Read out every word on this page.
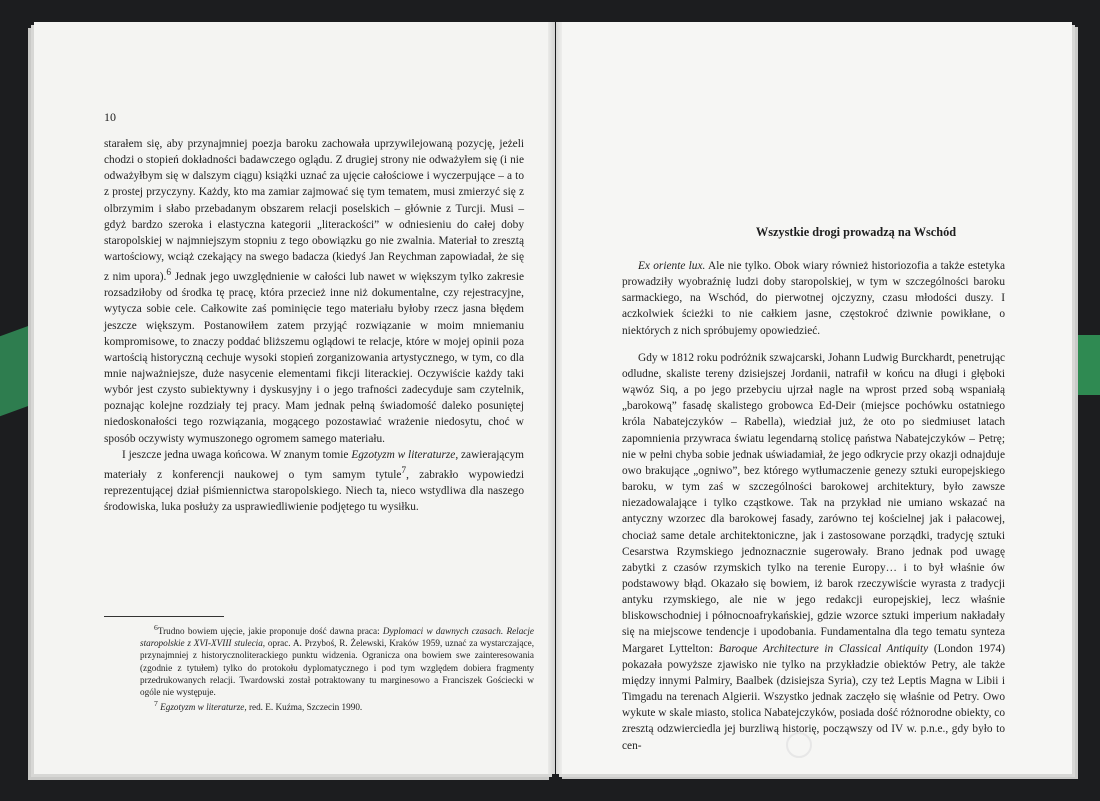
10

starałem się, aby przynajmniej poezja baroku zachowała uprzywilejowaną pozycję, jeżeli chodzi o stopień dokładności badawczego oglądu. Z drugiej strony nie odważyłem się (i nie odważyłbym się w dalszym ciągu) książki uznać za ujęcie całościowe i wyczerpujące – a to z prostej przyczyny. Każdy, kto ma zamiar zajmować się tym tematem, musi zmierzyć się z olbrzymim i słabo przebadanym obszarem relacji poselskich – głównie z Turcji. Musi – gdyż bardzo szeroka i elastyczna kategorii „literackości” w odniesieniu do całej doby staropolskiej w najmniejszym stopniu z tego obowiązku go nie zwalnia. Materiał to zresztą wartościowy, wciąż czekający na swego badacza (kiedyś Jan Reychman zapowiadał, że się z nim upora).$^6$ Jednak jego uwzględnienie w całości lub nawet w większym tylko zakresie rozsadziłoby od środka tę pracę, która przecież inne niż dokumentalne, czy rejestracyjne, wytycza sobie cele. Całkowite zaś pominięcie tego materiału byłoby rzecz jasna błędem jeszcze większym. Postanowiłem zatem przyjąć rozwiązanie w moim mniemaniu kompromisowe, to znaczy poddać bliższemu oglądowi te relacje, które w mojej opinii poza wartością historyczną cechuje wysoki stopień zorganizowania artystycznego, w tym, co dla mnie najważniejsze, duże nasycenie elementami fikcji literackiej. Oczywiście każdy taki wybór jest czysto subiektywny i dyskusyjny i o jego trafności zadecyduje sam czytelnik, poznając kolejne rozdziały tej pracy. Mam jednak pełną świadomość daleko posuniętej niedoskonałości tego rozwiązania, mogącego pozostawiać wrażenie niedosytu, choć w sposób oczywisty wymuszonego ogromem samego materiału.

I jeszcze jedna uwaga końcowa. W znanym tomie Egzotyzm w literaturze, zawierającym materiały z konferencji naukowej o tym samym tytule$^7$, zabrakło wypowiedzi reprezentującej dział piśmiennictwa staropolskiego. Niech ta, nieco wstydliwa dla naszego środowiska, luka posłuży za usprawiedliwienie podjętego tu wysiłku.

$^6$Trudno bowiem ujęcie, jakie proponuje dość dawna praca: Dyplomaci w dawnych czasach. Relacje staropolskie z XVI-XVIII stulecia, oprac. A. Przyboś, R. Żelewski, Kraków 1959, uznać za wystarczające, przynajmniej z historycznoliterackiego punktu widzenia. Ogranicza ona bowiem swe zainteresowania (zgodnie z tytułem) tylko do protokołu dyplomatycznego i pod tym względem dobiera fragmenty przedrukowanych relacji. Twardowski został potraktowany tu marginesowo a Franciszek Gościecki w ogóle nie występuje.

$^7$ Egzotyzm w literaturze, red. E. Kuźma, Szczecin 1990.

Wszystkie drogi prowadzą na Wschód

Ex oriente lux. Ale nie tylko. Obok wiary również historiozofia a także estetyka prowadziły wyobraźnię ludzi doby staropolskiej, w tym w szczególności baroku sarmackiego, na Wschód, do pierwotnej ojczyzny, czasu młodości duszy. I aczkolwiek ścieżki to nie całkiem jasne, częstokroć dziwnie powikłane, o niektórych z nich spróbujemy opowiedzieć.

Gdy w 1812 roku podróżnik szwajcarski, Johann Ludwig Burckhardt, penetrując odludne, skaliste tereny dzisiejszej Jordanii, natrafił w końcu na długi i głęboki wąwóz Siq, a po jego przebyciu ujrzał nagle na wprost przed sobą wspaniałą „barokową” fasadę skalistego grobowca Ed-Deir (miejsce pochówku ostatniego króla Nabatejczyków – Rabella), wiedział już, że oto po siedmiuset latach zapomnienia przywraca światu legendarną stolicę państwa Nabatejczyków – Petrę; nie w pełni chyba sobie jednak uświadamiał, że jego odkrycie przy okazji odnajduje owo brakujące „ogniwo”, bez którego wytłumaczenie genezy sztuki europejskiego baroku, w tym zaś w szczególności barokowej architektury, było zawsze niezadowalające i tylko cząstkowe. Tak na przykład nie umiano wskazać na antyczny wzorzec dla barokowej fasady, zarówno tej kościelnej jak i pałacowej, chociaż same detale architektoniczne, jak i zastosowane porządki, tradycję sztuki Cesarstwa Rzymskiego jednoznacznie sugerowały. Brano jednak pod uwagę zabytki z czasów rzymskich tylko na terenie Europy… i to był właśnie ów podstawowy błąd. Okazało się bowiem, iż barok rzeczywiście wyrasta z tradycji antyku rzymskiego, ale nie w jego redakcji europejskiej, lecz właśnie bliskowschodniej i północnoafrykańskiej, gdzie wzorce sztuki imperium nakładały się na miejscowe tendencje i upodobania. Fundamentalna dla tego tematu synteza Margaret Lyttelton: Baroque Architecture in Classical Antiquity (London 1974) pokazała powyższe zjawisko nie tylko na przykładzie obiektów Petry, ale także między innymi Palmiry, Baalbek (dzisiejsza Syria), czy też Leptis Magna w Libii i Timgadu na terenach Algierii. Wszystko jednak zaczęło się właśnie od Petry. Owo wykute w skale miasto, stolica Nabatejczyków, posiada dość różnorodne obiekty, co zresztą odzwierciedla jej burzliwą historię, począwszy od IV w. p.n.e., gdy było to cen-
